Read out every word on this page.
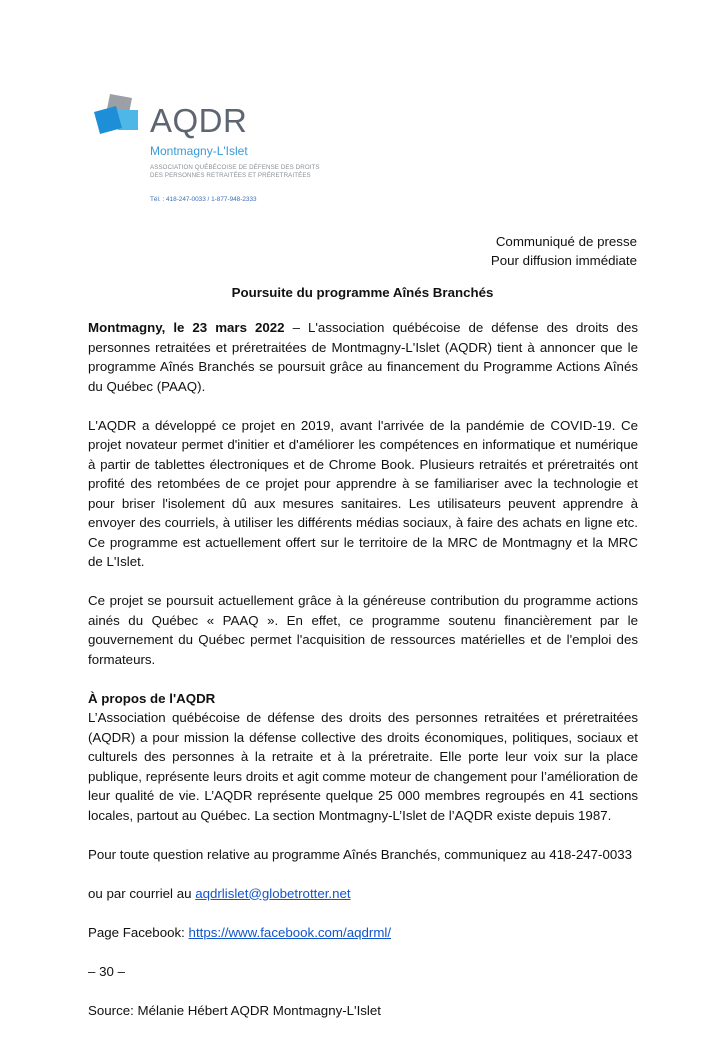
AQDR
Montmagny-L'Islet
ASSOCIATION QUÉBÉCOISE DE DÉFENSE DES DROITS DES PERSONNES RETRAITÉES ET PRÉRETRAITÉES
Tél. : 418-247-0033 / 1-877-948-2333
Communiqué de presse
Pour diffusion immédiate
Poursuite du programme Aînés Branchés

Montmagny, le 23 mars 2022 – L'association québécoise de défense des droits des personnes retraitées et préretraitées de Montmagny-L'Islet (AQDR) tient à annoncer que le programme Aînés Branchés se poursuit grâce au financement du Programme Actions Aînés du Québec (PAAQ).

L'AQDR a développé ce projet en 2019, avant l'arrivée de la pandémie de COVID-19. Ce projet novateur permet d'initier et d'améliorer les compétences en informatique et numérique à partir de tablettes électroniques et de Chrome Book. Plusieurs retraités et préretraités ont profité des retombées de ce projet pour apprendre à se familiariser avec la technologie et pour briser l'isolement dû aux mesures sanitaires. Les utilisateurs peuvent apprendre à envoyer des courriels, à utiliser les différents médias sociaux, à faire des achats en ligne etc. Ce programme est actuellement offert sur le territoire de la MRC de Montmagny et la MRC de L'Islet.

Ce projet se poursuit actuellement grâce à la généreuse contribution du programme actions ainés du Québec « PAAQ ». En effet, ce programme soutenu financièrement par le gouvernement du Québec permet l'acquisition de ressources matérielles et de l'emploi des formateurs.

À propos de l'AQDR

L’Association québécoise de défense des droits des personnes retraitées et préretraitées (AQDR) a pour mission la défense collective des droits économiques, politiques, sociaux et culturels des personnes à la retraite et à la préretraite. Elle porte leur voix sur la place publique, représente leurs droits et agit comme moteur de changement pour l’amélioration de leur qualité de vie. L’AQDR représente quelque 25 000 membres regroupés en 41 sections locales, partout au Québec. La section Montmagny-L’Islet de l’AQDR existe depuis 1987.

Pour toute question relative au programme Aînés Branchés, communiquez au 418-247-0033

ou par courriel au aqdrlislet@globetrotter.net

Page Facebook: https://www.facebook.com/aqdrml/

– 30 –

Source: Mélanie Hébert AQDR Montmagny-L'Islet
